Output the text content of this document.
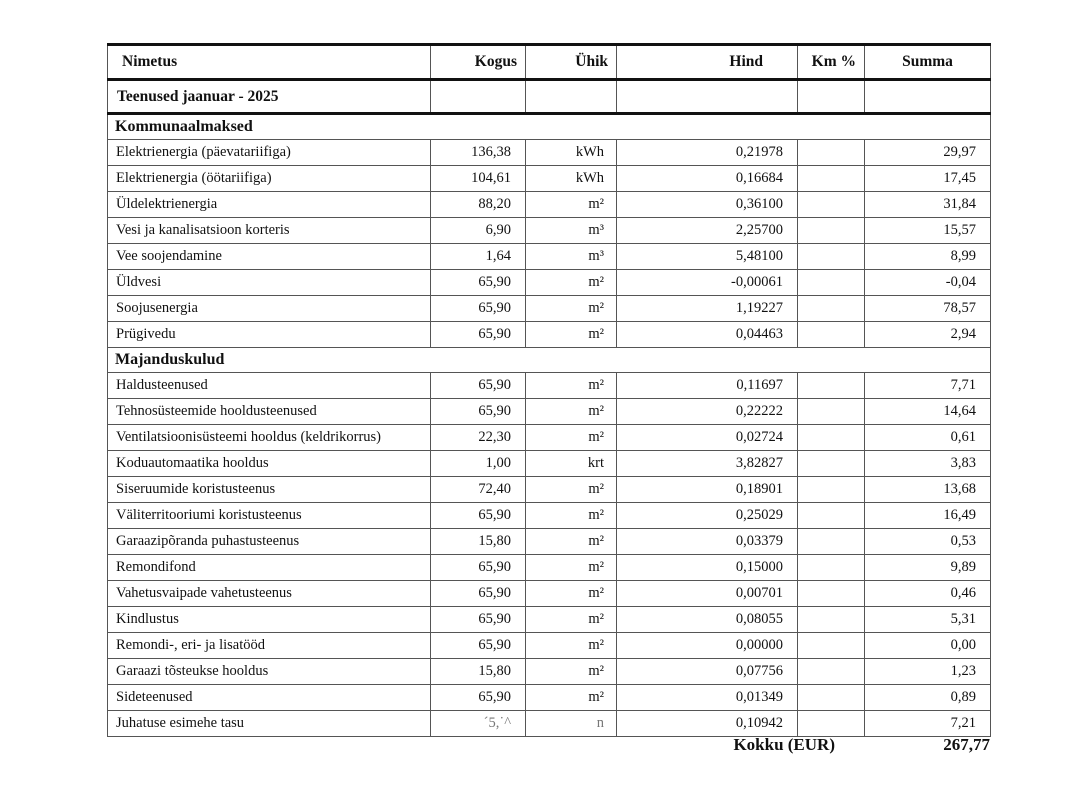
Nimetus	Kogus	Ühik	Hind	Km %	Summa
Teenused jaanuar - 2025					
Kommunaalmaksed					
Elektrienergia (päevatariifiga)	136,38	kWh	0,21978		29,97
Elektrienergia (öötariifiga)	104,61	kWh	0,16684		17,45
Üldelektrienergia	88,20	m²	0,36100		31,84
Vesi ja kanalisatsioon korteris	6,90	m³	2,25700		15,57
Vee soojendamine	1,64	m³	5,48100		8,99
Üldvesi	65,90	m²	-0,00061		-0,04
Soojusenergia	65,90	m²	1,19227		78,57
Prügivedu	65,90	m²	0,04463		2,94
Majanduskulud					
Haldusteenused	65,90	m²	0,11697		7,71
Tehnosüsteemide hooldusteenused	65,90	m²	0,22222		14,64
Ventilatsioonisüsteemi hooldus (keldrikorrus)	22,30	m²	0,02724		0,61
Koduautomaatika hooldus	1,00	krt	3,82827		3,83
Siseruumide koristusteenus	72,40	m²	0,18901		13,68
Väliterritooriumi koristusteenus	65,90	m²	0,25029		16,49
Garaazipõranda puhastusteenus	15,80	m²	0,03379		0,53
Remondifond	65,90	m²	0,15000		9,89
Vahetusvaipade vahetusteenus	65,90	m²	0,00701		0,46
Kindlustus	65,90	m²	0,08055		5,31
Remondi-, eri- ja lisatööd	65,90	m²	0,00000		0,00
Garaazi tõsteukse hooldus	15,80	m²	0,07756		1,23
Sideteenused	65,90	m²	0,01349		0,89
Juhatuse esimehe tasu	´5,˙^	n	0,10942		7,21
Kokku (EUR)	267,77
